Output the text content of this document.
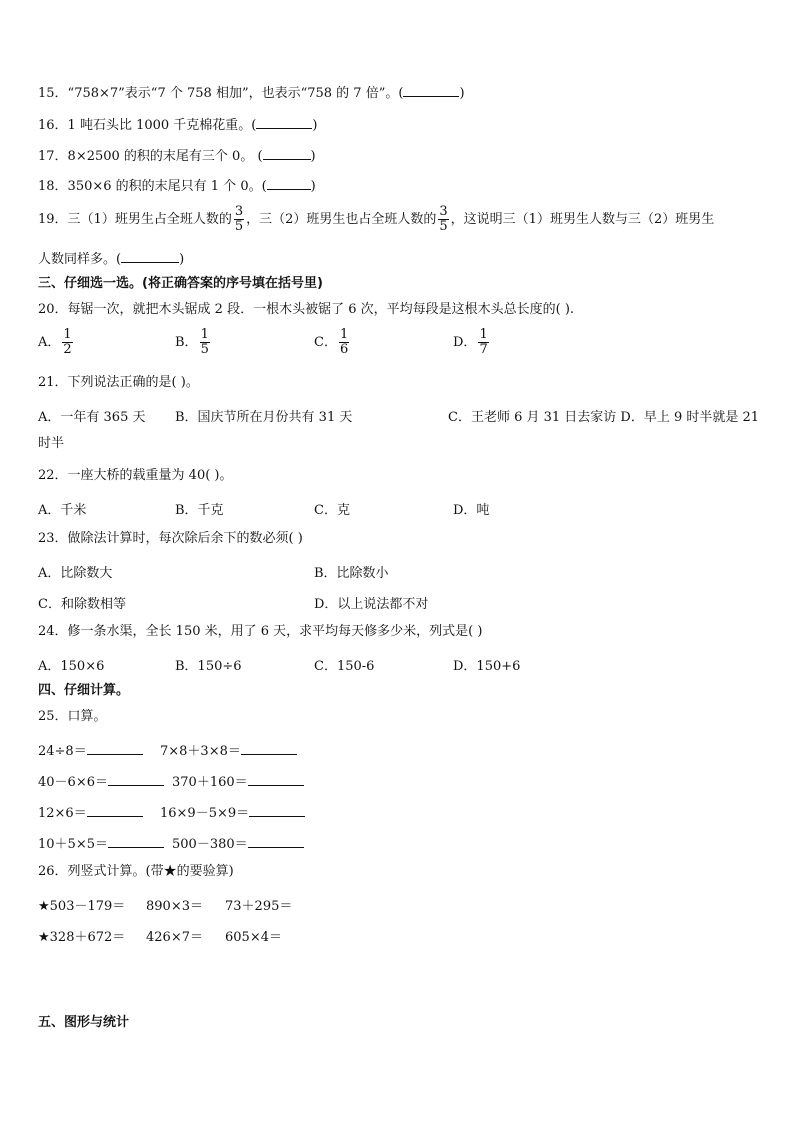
15．“758×7”表示“7 个 758 相加”，也表示“758 的 7 倍”。(	)
16．1 吨石头比 1000 千克棉花重。(	)
17．8×2500 的积的末尾有三个 0。 (	)
18．350×6 的积的末尾只有 1 个 0。(	)
19．三（1）班男生占全班人数的 $\frac{3}{5}$ ，三（2）班男生也占全班人数的 $\frac{3}{5}$ ，这说明三（1）班男生人数与三（2）班男生
人数同样多。(	)
三、仔细选一选。(将正确答案的序号填在括号里)
20．每锯一次，就把木头锯成 2 段．一根木头被锯了 6 次，平均每段是这根木头总长度的( ).
A． $\frac{1}{2}$	B． $\frac{1}{5}$	C． $\frac{1}{6}$	D． $\frac{1}{7}$
21．下列说法正确的是( )。
A．一年有 365 天 B．国庆节所在月份共有 31 天	C．王老师 6 月 31 日去家访 D．早上 9 时半就是 21
时半
22．一座大桥的载重量为 40( )。
A．千米	B．千克	C．克	D．吨
23．做除法计算时，每次除后余下的数必须( )
A．比除数大	B．比除数小
C．和除数相等	D．以上说法都不对
24．修一条水渠，全长 150 米，用了 6 天，求平均每天修多少米，列式是( )
A．150×6	B．150÷6	C．150-6	D．150+6
四、仔细计算。
25．口算。
24÷8＝	7×8＋3×8＝
40－6×6＝	370＋160＝
12×6＝	16×9－5×9＝
10＋5×5＝	500－380＝
26．列竖式计算。(带★的要验算)
★503－179＝ 890×3＝ 73＋295＝
★328＋672＝ 426×7＝ 605×4＝
五、图形与统计
